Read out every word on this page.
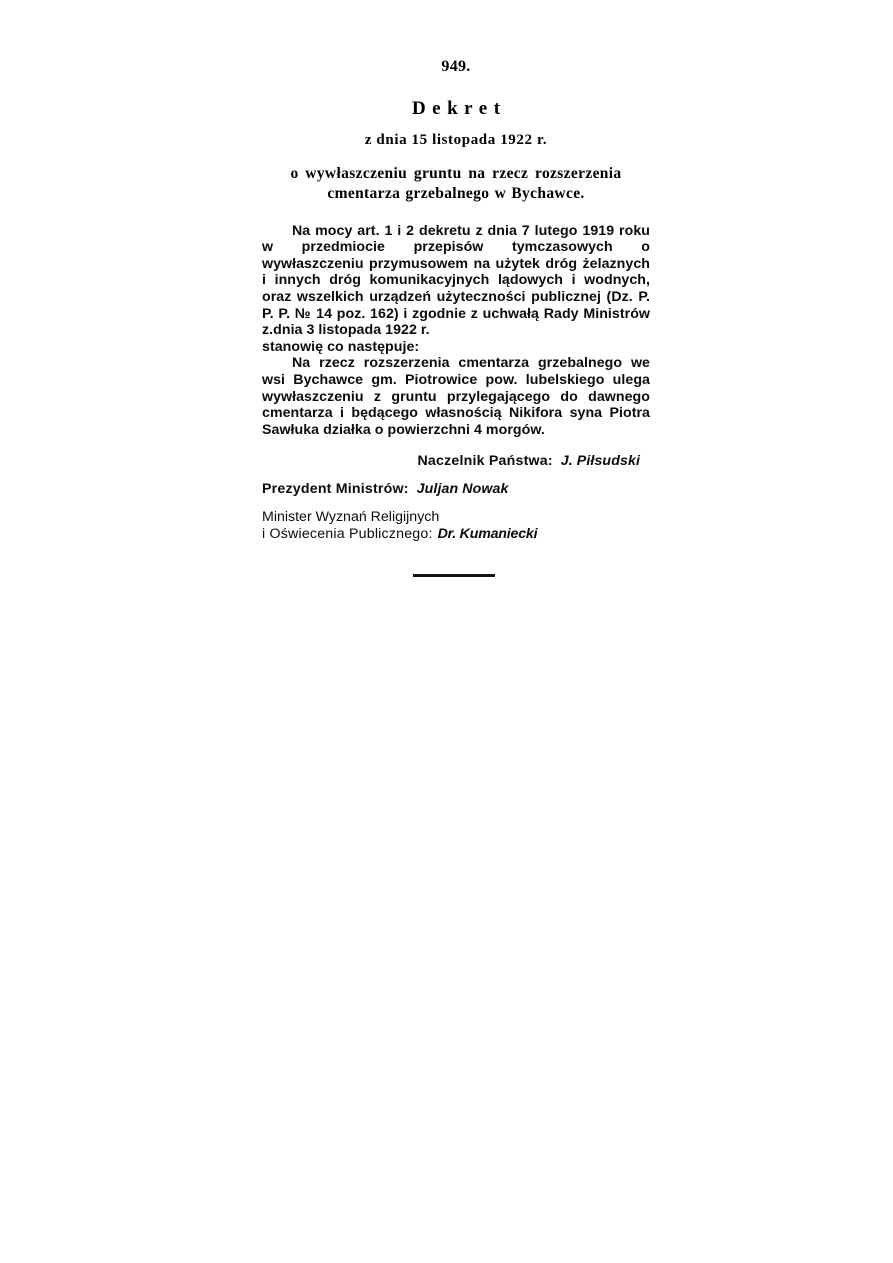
949.
Dekret
z dnia 15 listopada 1922 r.
o wywłaszczeniu gruntu na rzecz rozszerzenia
cmentarza grzebalnego w Bychawce.

Na mocy art. 1 i 2 dekretu z dnia 7 lutego 1919 roku w przedmiocie przepisów tymczasowych o wywłaszczeniu przymusowem na użytek dróg żelaznych i innych dróg komunikacyjnych lądowych i wodnych, oraz wszelkich urządzeń użyteczności publicznej (Dz. P. P. P. № 14 poz. 162) i zgodnie z uchwałą Rady Ministrów z.dnia 3 listopada 1922 r.

stanowię co następuje:

Na rzecz rozszerzenia cmentarza grzebalnego we wsi Bychawce gm. Piotrowice pow. lubelskiego ulega wywłaszczeniu z gruntu przylegającego do dawnego cmentarza i będącego własnością Nikifora syna Piotra Sawłuka działka o powierzchni 4 morgów.

Naczelnik Państwa: J. Piłsudski
Prezydent Ministrów: Juljan Nowak
Minister Wyznań Religijnych
i Oświecenia Publicznego: Dr. Kumaniecki
